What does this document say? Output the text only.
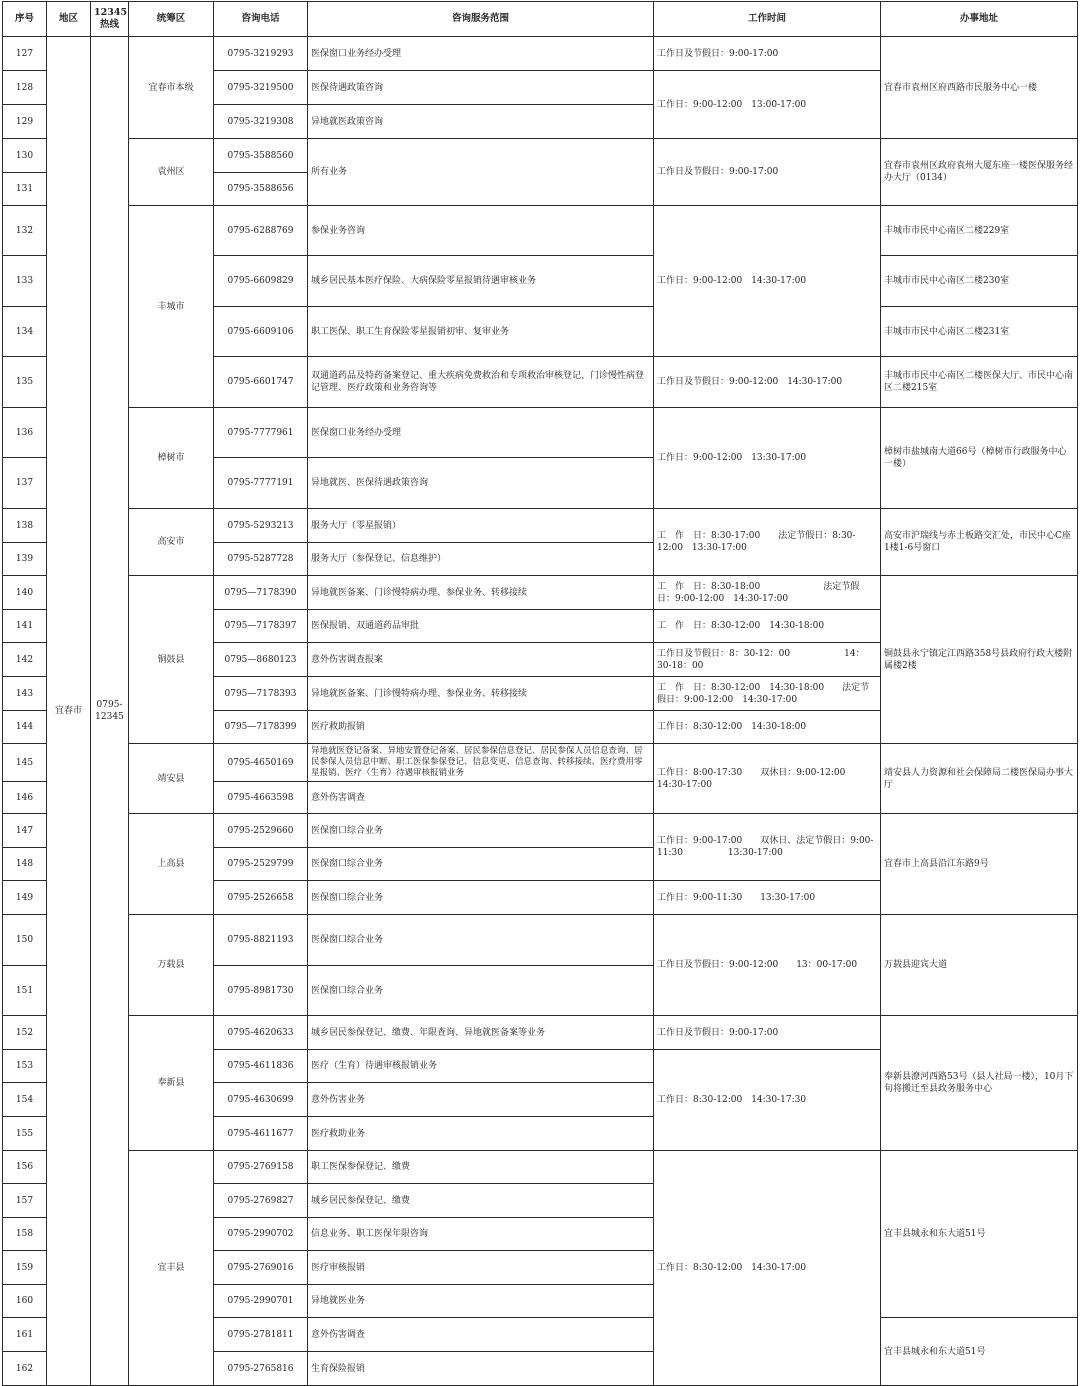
序号	地区	12345热线	统筹区	咨询电话	咨询服务范围	工作时间	办事地址
127	宜春市	0795-12345	宜春市本级	0795-3219293	医保窗口业务经办受理	工作日及节假日：9:00-17:00	宜春市袁州区府西路市民服务中心一楼
128				0795-3219500	医保待遇政策咨询	工作日：9:00-12:00　13:00-17:00	
129				0795-3219308	异地就医政策咨询		
130			袁州区	0795-3588560	所有业务	工作日及节假日：9:00-17:00	宜春市袁州区政府袁州大厦东座一楼医保服务经办大厅（0134）
131				0795-3588656			
132			丰城市	0795-6288769	参保业务咨询	工作日：9:00-12:00　14:30-17:00	丰城市市民中心南区二楼229室
133				0795-6609829	城乡居民基本医疗保险、大病保险零星报销待遇审核业务		丰城市市民中心南区二楼230室
134				0795-6609106	职工医保、职工生育保险零星报销初审、复审业务		丰城市市民中心南区二楼231室
135				0795-6601747	双通道药品及特药备案登记、重大疾病免费救治和专项救治审核登记、门诊慢性病登记管理、医疗政策和业务咨询等	工作日及节假日：9:00-12:00　14:30-17:00	丰城市市民中心南区二楼医保大厅、市民中心南区二楼215室
136			樟树市	0795-7777961	医保窗口业务经办受理	工作日：9:00-12:00　13:30-17:00	樟树市盐城南大道66号（樟树市行政服务中心一楼）
137				0795-7777191	异地就医、医保待遇政策咨询		
138			高安市	0795-5293213	服务大厅（零星报销）	工　作　日：8:30-17:00　　法定节假日：8:30-12:00　13:30-17:00	高安市沪瑞线与赤土板路交汇处，市民中心C座1楼1-6号窗口
139				0795-5287728	服务大厅（参保登记、信息维护）		
140			铜鼓县	0795—7178390	异地就医备案、门诊慢特病办理、参保业务、转移接续	工　作　日：8:30-18:00　　　　　　　法定节假日：9:00-12:00　14:30-17:00	铜鼓县永宁镇定江西路358号县政府行政大楼附属楼2楼
141				0795—7178397	医保报销、双通道药品审批	工　作　日：8:30-12:00　14:30-18:00	
142				0795—8680123	意外伤害调查报案	工作日及节假日：8：30-12：00　　　　　　14：30-18：00	
143				0795—7178393	异地就医备案、门诊慢特病办理、参保业务、转移接续	工　作　日：8:30-12:00　14:30-18:00　　法定节假日：9:00-12:00　14:30-17:00	
144				0795—7178399	医疗救助报销	工作日：8:30-12:00　14:30-18:00	
145			靖安县	0795-4650169	异地就医登记备案、异地安置登记备案、居民参保信息登记、居民参保人员信息查询、居民参保人员信息中断、职工医保参保登记、信息变更、信息查询、转移接续、医疗费用零星报销、医疗（生育）待遇审核报销业务	工作日：8:00-17:30　　双休日：9:00-12:00　14:30-17:00	靖安县人力资源和社会保障局二楼医保局办事大厅
146				0795-4663598	意外伤害调查		
147			上高县	0795-2529660	医保窗口综合业务	工作日：9:00-17:00　　双休日、法定节假日：9:00-11:30　　　　　13:30-17:00	宜春市上高县沿江东路9号
148				0795-2529799	医保窗口综合业务		
149				0795-2526658	医保窗口综合业务	工作日：9:00-11:30　　13:30-17:00	
150			万载县	0795-8821193	医保窗口综合业务	工作日及节假日：9:00-12:00　　13：00-17:00	万载县迎宾大道
151				0795-8981730	医保窗口综合业务		
152			奉新县	0795-4620633	城乡居民参保登记、缴费、年限查询、异地就医备案等业务	工作日及节假日：9:00-17:00	奉新县潦河西路53号（县人社局一楼），10月下旬将搬迁至县政务服务中心
153				0795-4611836	医疗（生育）待遇审核报销业务	工作日：8:30-12:00　14:30-17:30	
154				0795-4630699	意外伤害业务		
155				0795-4611677	医疗救助业务		
156			宜丰县	0795-2769158	职工医保参保登记、缴费	工作日：8:30-12:00　14:30-17:00	宜丰县城永和东大道51号
157				0795-2769827	城乡居民参保登记、缴费		
158				0795-2990702	信息业务、职工医保年限咨询		
159				0795-2769016	医疗审核报销		
160				0795-2990701	异地就医业务		
161				0795-2781811	意外伤害调查		宜丰县城永和东大道51号
162				0795-2765816	生育保险报销		
